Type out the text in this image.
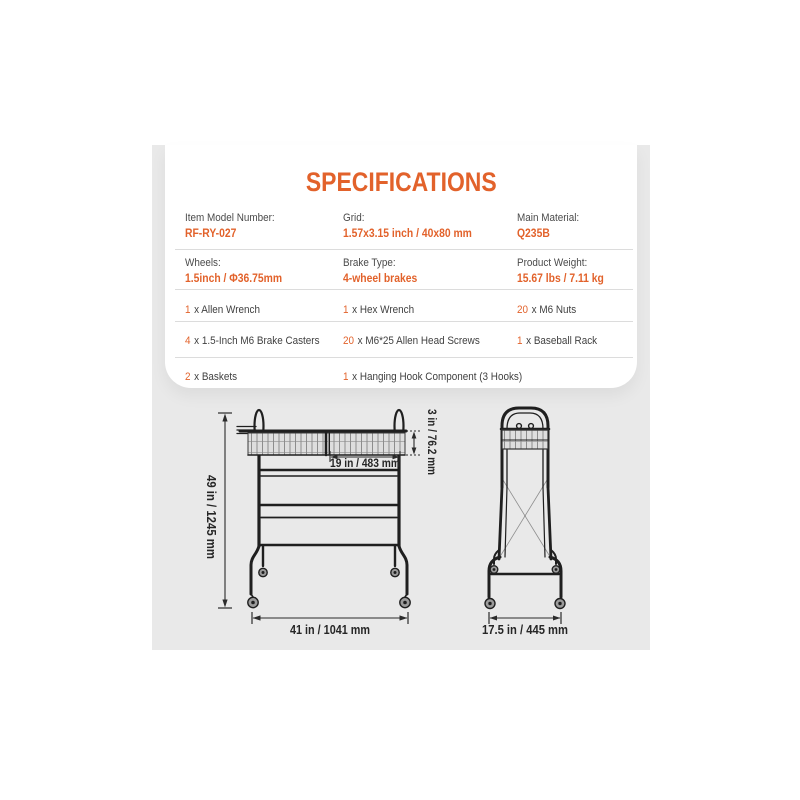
SPECIFICATIONS
Item Model Number:
RF-RY-027
Grid:
1.57x3.15 inch / 40x80 mm
Main Material:
Q235B
Wheels:
1.5inch / Φ36.75mm
Brake Type:
4-wheel brakes
Product Weight:
15.67 lbs / 7.11 kg
1 x Allen Wrench	1 x Hex Wrench	20 x M6 Nuts
4 x 1.5-Inch M6 Brake Casters	20 x M6*25 Allen Head Screws	1 x Baseball Rack
2 x Baskets	1 x Hanging Hook Component (3 Hooks)
49 in / 1245 mm
41 in / 1041 mm
19 in / 483 mm 3 in / 76.2 mm
17.5 in / 445 mm
